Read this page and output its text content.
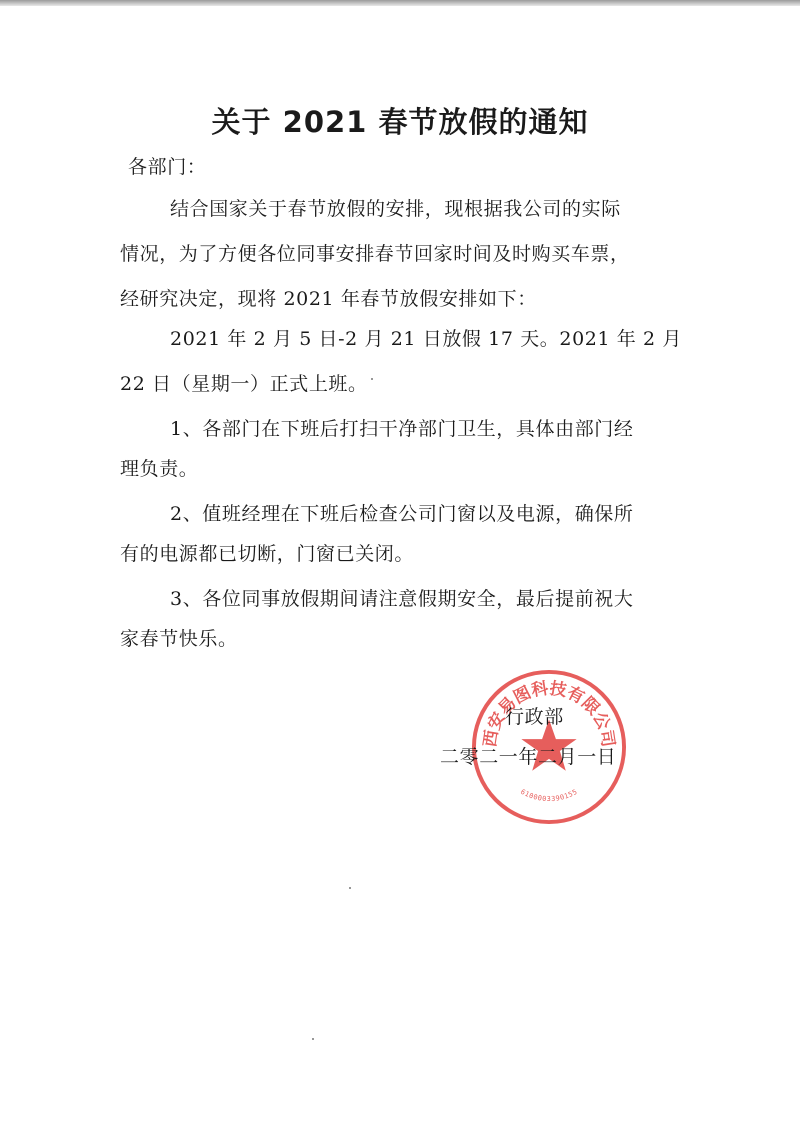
关于 2021 春节放假的通知
各部门：
结合国家关于春节放假的安排，现根据我公司的实际
情况，为了方便各位同事安排春节回家时间及时购买车票，
经研究决定，现将 2021 年春节放假安排如下：
2021 年 2 月 5 日-2 月 21 日放假 17 天。2021 年 2 月
22 日（星期一）正式上班。
1、各部门在下班后打扫干净部门卫生，具体由部门经
理负责。
2、值班经理在下班后检查公司门窗以及电源，确保所
有的电源都已切断，门窗已关闭。
3、各位同事放假期间请注意假期安全，最后提前祝大
家春节快乐。
西安易图科技有限公司
6100003390155
行政部
二零二一年二月一日
